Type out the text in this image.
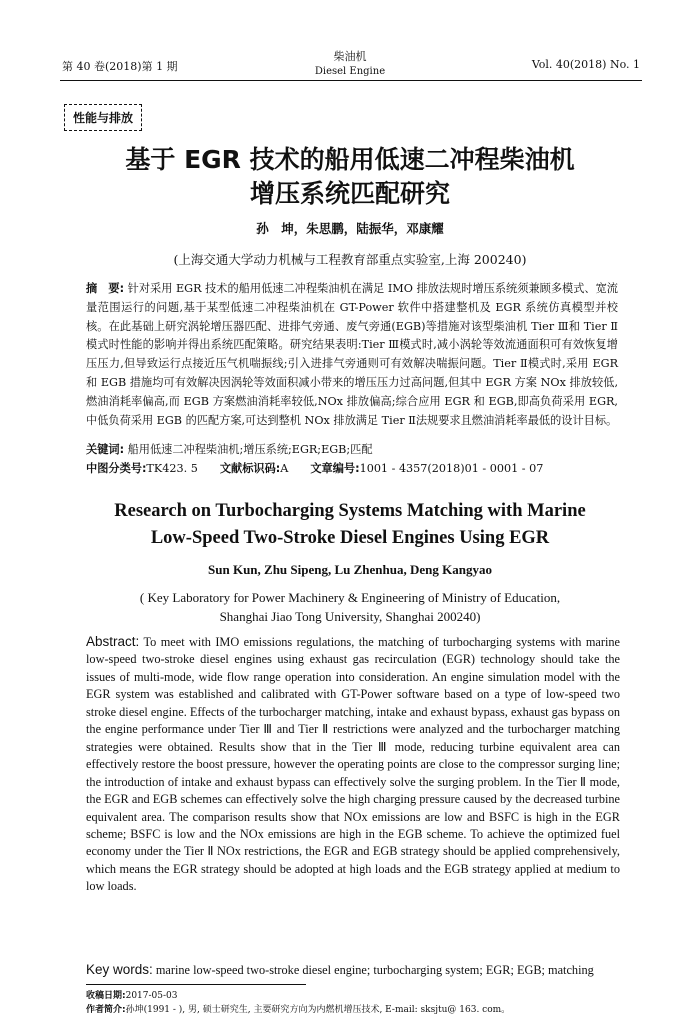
第 40 卷(2018)第 1 期
柴油机
Diesel Engine
Vol. 40(2018) No. 1
性能与排放
基于 EGR 技术的船用低速二冲程柴油机
增压系统匹配研究
孙　坤，朱思鹏，陆振华，邓康耀
(上海交通大学动力机械与工程教育部重点实验室,上海 200240)
摘　要: 针对采用 EGR 技术的船用低速二冲程柴油机在满足 IMO 排放法规时增压系统须兼顾多模式、宽流量范围运行的问题,基于某型低速二冲程柴油机在 GT-Power 软件中搭建整机及 EGR 系统仿真模型并校核。在此基础上研究涡轮增压器匹配、进排气旁通、废气旁通(EGB)等措施对该型柴油机 Tier Ⅲ和 Tier Ⅱ模式时性能的影响并得出系统匹配策略。研究结果表明:Tier Ⅲ模式时,减小涡轮等效流通面积可有效恢复增压压力,但导致运行点接近压气机喘振线;引入进排气旁通则可有效解决喘振问题。Tier Ⅱ模式时,采用 EGR 和 EGB 措施均可有效解决因涡轮等效面积减小带来的增压压力过高问题,但其中 EGR 方案 NOx 排放较低,燃油消耗率偏高,而 EGB 方案燃油消耗率较低,NOx 排放偏高;综合应用 EGR 和 EGB,即高负荷采用 EGR,中低负荷采用 EGB 的匹配方案,可达到整机 NOx 排放满足 Tier Ⅱ法规要求且燃油消耗率最低的设计目标。
关键词: 船用低速二冲程柴油机;增压系统;EGR;EGB;匹配
中图分类号:TK423. 5 文献标识码:A 文章编号:1001 - 4357(2018)01 - 0001 - 07
Research on Turbocharging Systems Matching with Marine
Low-Speed Two-Stroke Diesel Engines Using EGR
Sun Kun, Zhu Sipeng, Lu Zhenhua, Deng Kangyao
( Key Laboratory for Power Machinery & Engineering of Ministry of Education,
Shanghai Jiao Tong University, Shanghai 200240)
Abstract: To meet with IMO emissions regulations, the matching of turbocharging systems with marine low-speed two-stroke diesel engines using exhaust gas recirculation (EGR) technology should take the issues of multi-mode, wide flow range operation into consideration. An engine simulation model with the EGR system was established and calibrated with GT-Power software based on a type of low-speed two stroke diesel engine. Effects of the turbocharger matching, intake and exhaust bypass, exhaust gas bypass on the engine performance under Tier Ⅲ and Tier Ⅱ restrictions were analyzed and the turbocharger matching strategies were obtained. Results show that in the Tier Ⅲ mode, reducing turbine equivalent area can effectively restore the boost pressure, however the operating points are close to the compressor surging line; the introduction of intake and exhaust bypass can effectively solve the surging problem. In the Tier Ⅱ mode, the EGR and EGB schemes can effectively solve the high charging pressure caused by the decreased turbine equivalent area. The comparison results show that NOx emissions are low and BSFC is high in the EGR scheme; BSFC is low and the NOx emissions are high in the EGB scheme. To achieve the optimized fuel economy under the Tier Ⅱ NOx restrictions, the EGR and EGB strategy should be applied comprehensively, which means the EGR strategy should be adopted at high loads and the EGB strategy applied at medium to low loads.
Key words: marine low-speed two-stroke diesel engine; turbocharging system; EGR; EGB; matching
收稿日期:2017-05-03
作者简介:孙坤(1991 - ), 男, 硕士研究生, 主要研究方向为内燃机增压技术, E-mail: sksjtu@ 163. com。
